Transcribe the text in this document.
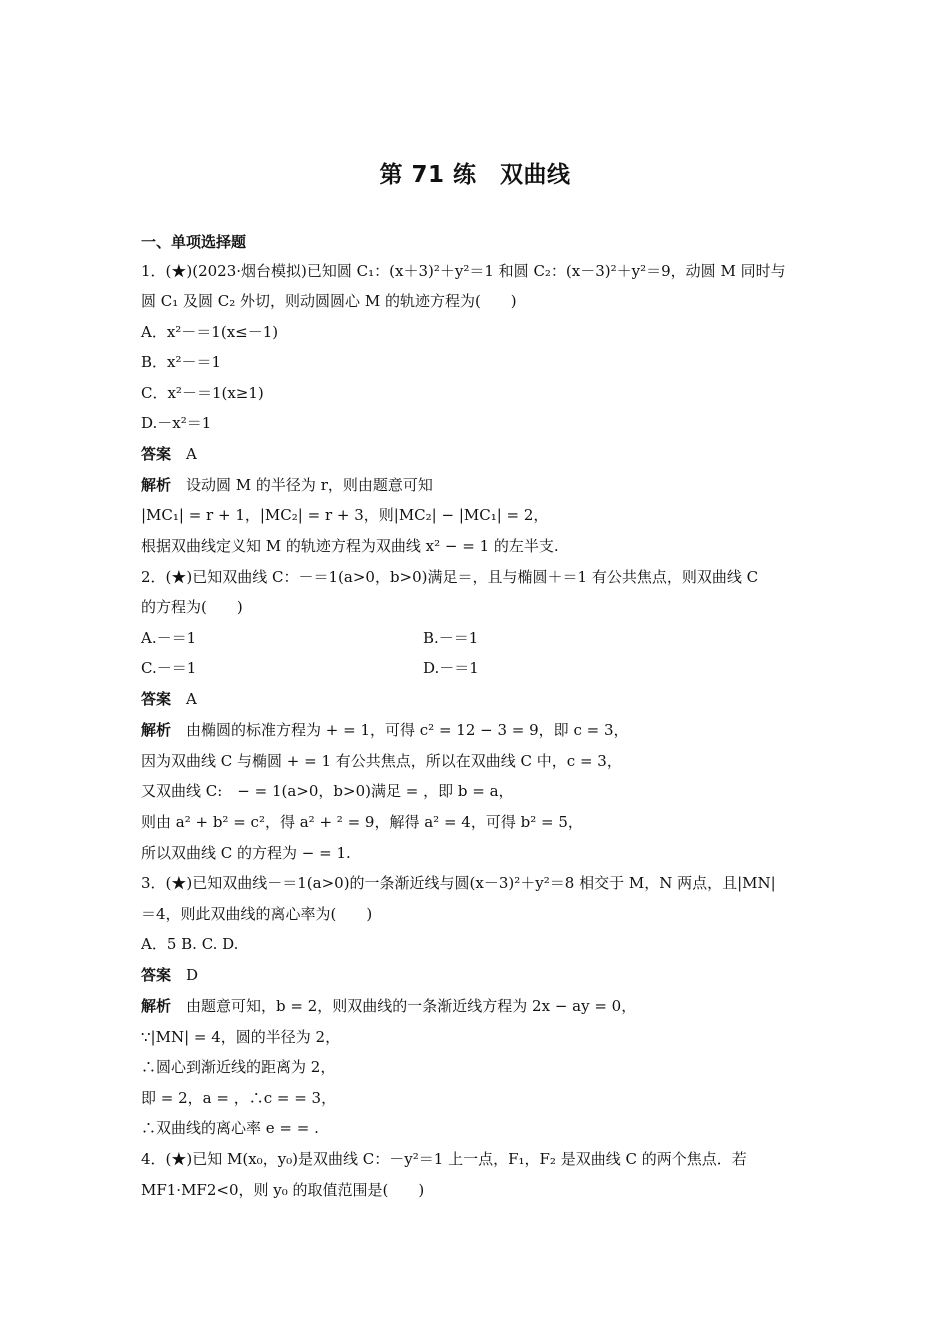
第 71 练　双曲线
一、单项选择题
1．(★)(2023·烟台模拟)已知圆 C₁：(x＋3)²＋y²＝1 和圆 C₂：(x－3)²＋y²＝9，动圆 M 同时与
圆 C₁ 及圆 C₂ 外切，则动圆圆心 M 的轨迹方程为(　　)
A．x²－＝1(x≤－1)
B．x²－＝1
C．x²－＝1(x≥1)
D.－x²＝1
答案　 A
解析　 设动圆 M 的半径为 r，则由题意可知
|MC₁| = r + 1，|MC₂| = r + 3，则|MC₂| − |MC₁| = 2，
根据双曲线定义知 M 的轨迹方程为双曲线 x² − = 1 的左半支.
2．(★)已知双曲线 C：－＝1(a>0，b>0)满足＝，且与椭圆＋＝1 有公共焦点，则双曲线 C
的方程为(　　)
A.－＝1	B.－＝1
C.－＝1	D.－＝1
答案　 A
解析　 由椭圆的标准方程为 + = 1，可得 c² = 12 − 3 = 9，即 c = 3，
因为双曲线 C 与椭圆 + = 1 有公共焦点，所以在双曲线 C 中，c = 3，
又双曲线 C:　− = 1(a>0，b>0)满足 = ，即 b = a，
则由 a² + b² = c²，得 a² + ² = 9，解得 a² = 4，可得 b² = 5，
所以双曲线 C 的方程为 − = 1.
3．(★)已知双曲线－＝1(a>0)的一条渐近线与圆(x－3)²＋y²＝8 相交于 M，N 两点，且|MN|
＝4，则此双曲线的离心率为(　　)
A．5 B. C. D.
答案　 D
解析　 由题意可知，b = 2，则双曲线的一条渐近线方程为 2x − ay = 0，
∵|MN| = 4，圆的半径为 2，
∴圆心到渐近线的距离为 2，
即 = 2，a = ，∴c = = 3，
∴双曲线的离心率 e = = .
4．(★)已知 M(x₀，y₀)是双曲线 C：－y²＝1 上一点，F₁，F₂ 是双曲线 C 的两个焦点．若
MF1·MF2<0，则 y₀ 的取值范围是(　　)
